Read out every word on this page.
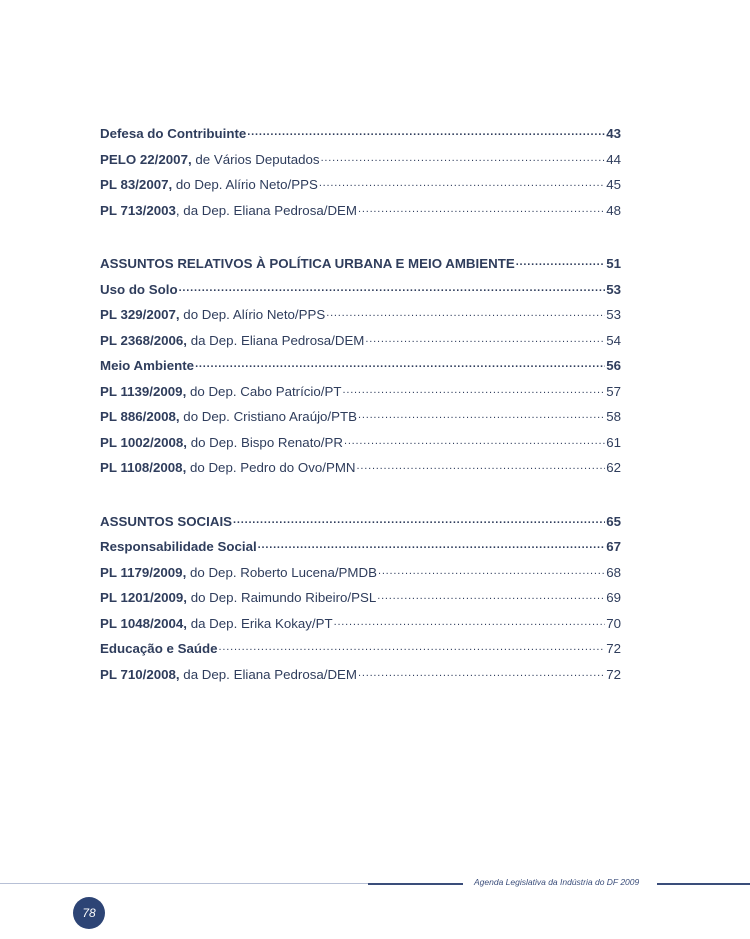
Defesa do Contribuinte .....	43
PELO 22/2007, de Vários Deputados .....	44
PL 83/2007, do Dep. Alírio Neto/PPS .....	45
PL 713/2003, da Dep. Eliana Pedrosa/DEM .....	48
ASSUNTOS RELATIVOS À POLÍTICA URBANA E MEIO AMBIENTE .....	51
Uso do Solo .....	53
PL 329/2007, do Dep. Alírio Neto/PPS .....	53
PL 2368/2006, da Dep. Eliana Pedrosa/DEM .....	54
Meio Ambiente .....	56
PL 1139/2009, do Dep. Cabo Patrício/PT .....	57
PL 886/2008, do Dep. Cristiano Araújo/PTB .....	58
PL 1002/2008, do Dep. Bispo Renato/PR .....	61
PL 1108/2008, do Dep. Pedro do Ovo/PMN .....	62
ASSUNTOS SOCIAIS .....	65
Responsabilidade Social .....	67
PL 1179/2009, do Dep. Roberto Lucena/PMDB .....	68
PL 1201/2009, do Dep. Raimundo Ribeiro/PSL .....	69
PL 1048/2004, da Dep. Erika Kokay/PT .....	70
Educação e Saúde .....	72
PL 710/2008, da Dep. Eliana Pedrosa/DEM .....	72
Agenda Legislativa da Indústria do DF 2009
78
